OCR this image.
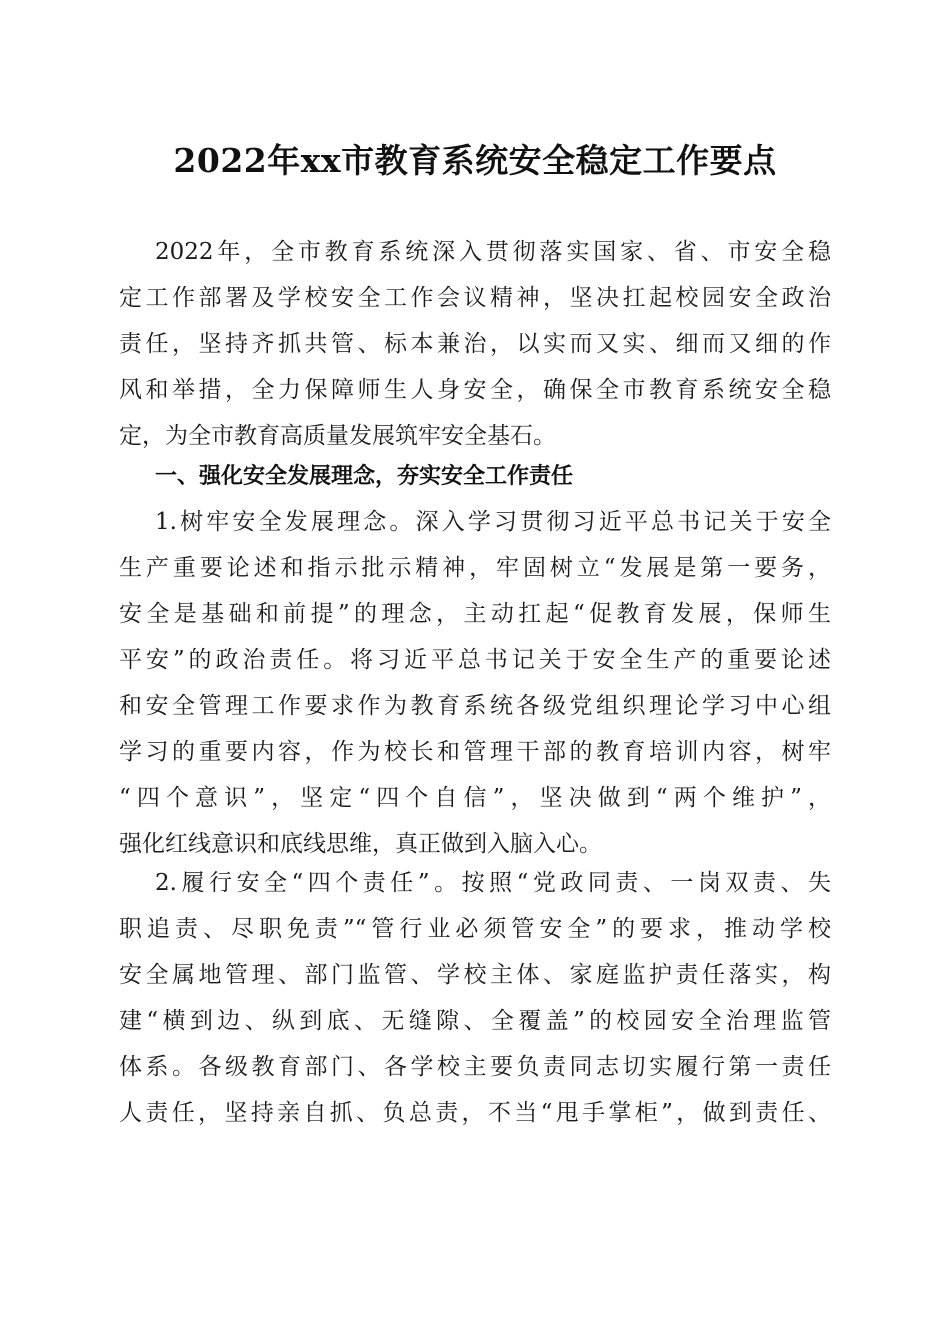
2022年xx市教育系统安全稳定工作要点
2022年，全市教育系统深入贯彻落实国家、省、市安全稳
定工作部署及学校安全工作会议精神，坚决扛起校园安全政治
责任，坚持齐抓共管、标本兼治，以实而又实、细而又细的作
风和举措，全力保障师生人身安全，确保全市教育系统安全稳
定，为全市教育高质量发展筑牢安全基石。
一、强化安全发展理念，夯实安全工作责任
1.树牢安全发展理念。深入学习贯彻习近平总书记关于安全
生产重要论述和指示批示精神，牢固树立“发展是第一要务，
安全是基础和前提”的理念，主动扛起“促教育发展，保师生
平安”的政治责任。将习近平总书记关于安全生产的重要论述
和安全管理工作要求作为教育系统各级党组织理论学习中心组
学习的重要内容，作为校长和管理干部的教育培训内容，树牢
“四个意识”，坚定“四个自信”，坚决做到“两个维护”，
强化红线意识和底线思维，真正做到入脑入心。
2.履行安全“四个责任”。按照“党政同责、一岗双责、失
职追责、尽职免责”“管行业必须管安全”的要求，推动学校
安全属地管理、部门监管、学校主体、家庭监护责任落实，构
建“横到边、纵到底、无缝隙、全覆盖”的校园安全治理监管
体系。各级教育部门、各学校主要负责同志切实履行第一责任
人责任，坚持亲自抓、负总责，不当“甩手掌柜”，做到责任、
